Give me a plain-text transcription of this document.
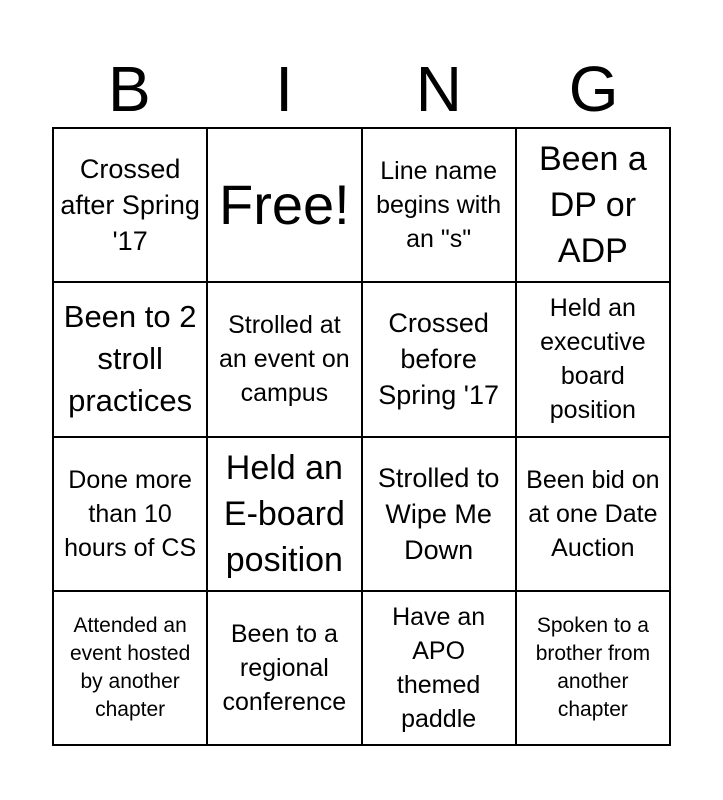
B	I	N	G
Crossed after Spring '17
Free!
Line name begins with an "s"
Been a DP or ADP
Been to 2 stroll practices
Strolled at an event on campus
Crossed before Spring '17
Held an executive board position
Done more than 10 hours of CS
Held an E-board position
Strolled to Wipe Me Down
Been bid on at one Date Auction
Attended an event hosted by another chapter
Been to a regional conference
Have an APO themed paddle
Spoken to a brother from another chapter
